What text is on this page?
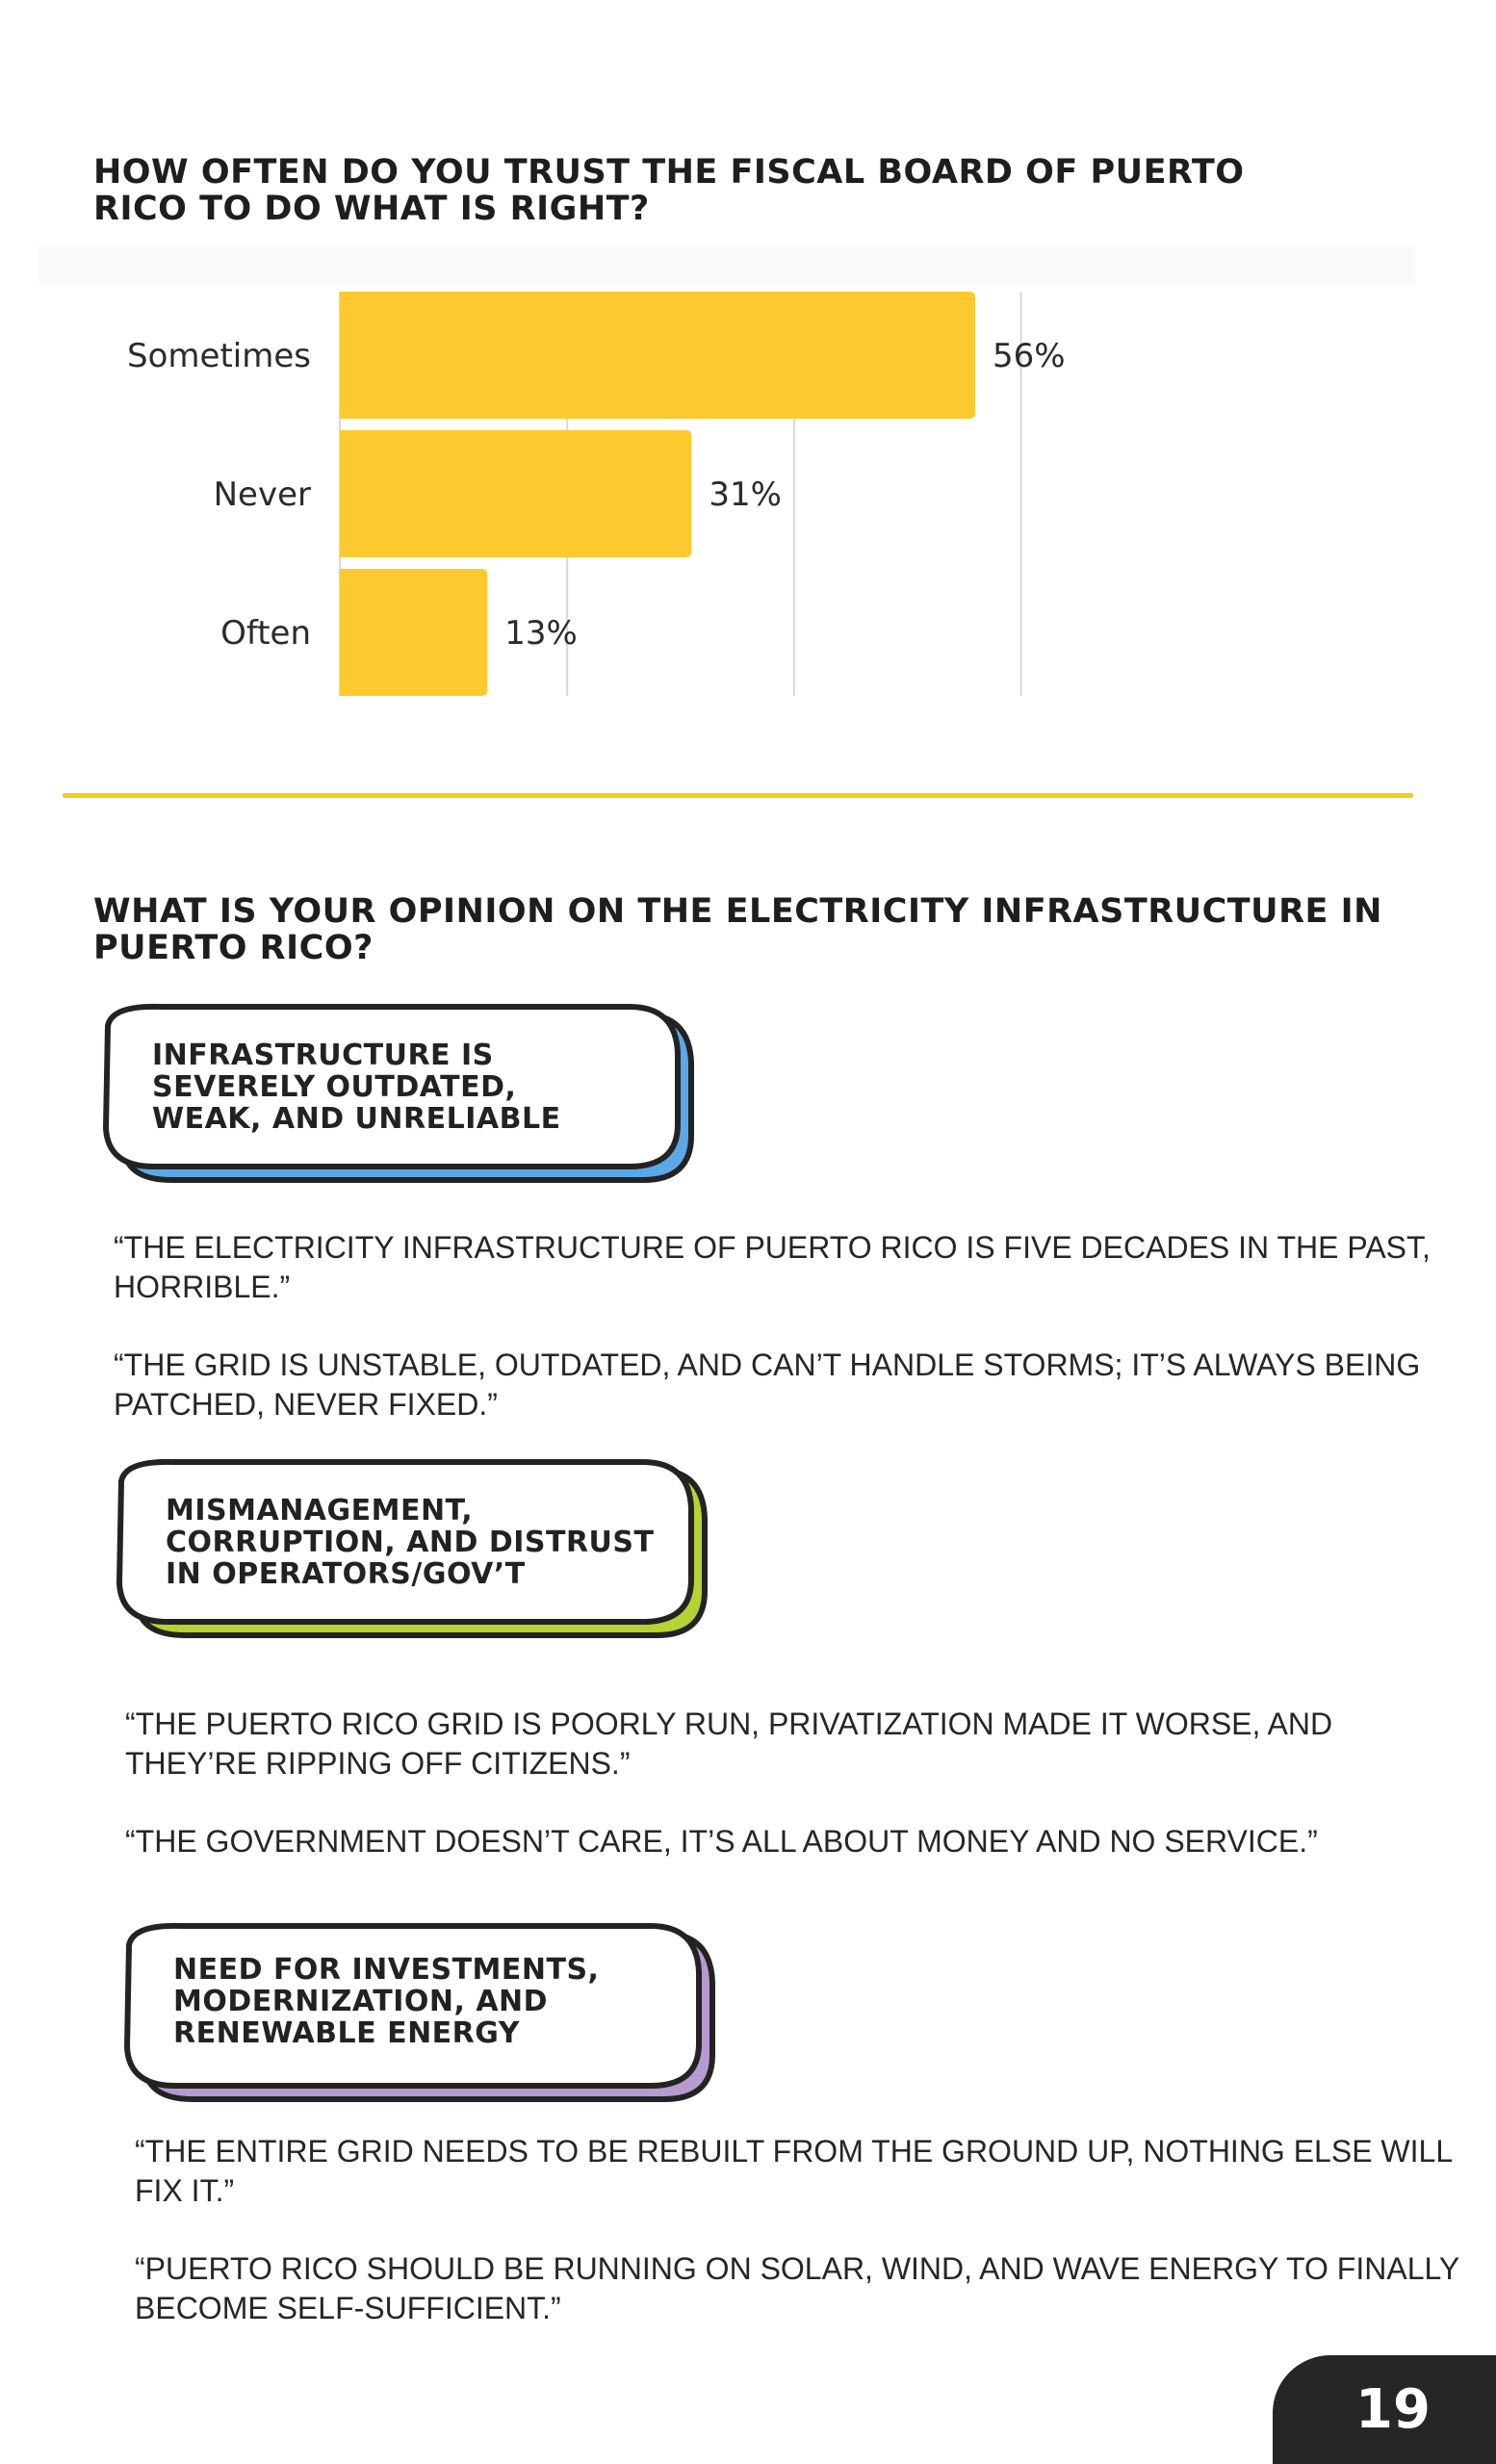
HOW OFTEN DO YOU TRUST THE FISCAL BOARD OF PUERTO RICO TO DO WHAT IS RIGHT?
Sometimes	56%
Never	31%
Often	13%
WHAT IS YOUR OPINION ON THE ELECTRICITY INFRASTRUCTURE IN PUERTO RICO?

INFRASTRUCTURE IS
SEVERELY OUTDATED,
WEAK, AND UNRELIABLE

“THE ELECTRICITY INFRASTRUCTURE OF PUERTO RICO IS FIVE DECADES IN THE PAST, HORRIBLE.”

“THE GRID IS UNSTABLE, OUTDATED, AND CAN’T HANDLE STORMS; IT’S ALWAYS BEING PATCHED, NEVER FIXED.”

MISMANAGEMENT,
CORRUPTION, AND DISTRUST
IN OPERATORS/GOV’T

“THE PUERTO RICO GRID IS POORLY RUN, PRIVATIZATION MADE IT WORSE, AND THEY’RE RIPPING OFF CITIZENS.”

“THE GOVERNMENT DOESN’T CARE, IT’S ALL ABOUT MONEY AND NO SERVICE.”

NEED FOR INVESTMENTS,
MODERNIZATION, AND
RENEWABLE ENERGY

“THE ENTIRE GRID NEEDS TO BE REBUILT FROM THE GROUND UP, NOTHING ELSE WILL FIX IT.”

“PUERTO RICO SHOULD BE RUNNING ON SOLAR, WIND, AND WAVE ENERGY TO FINALLY BECOME SELF-SUFFICIENT.”

19
